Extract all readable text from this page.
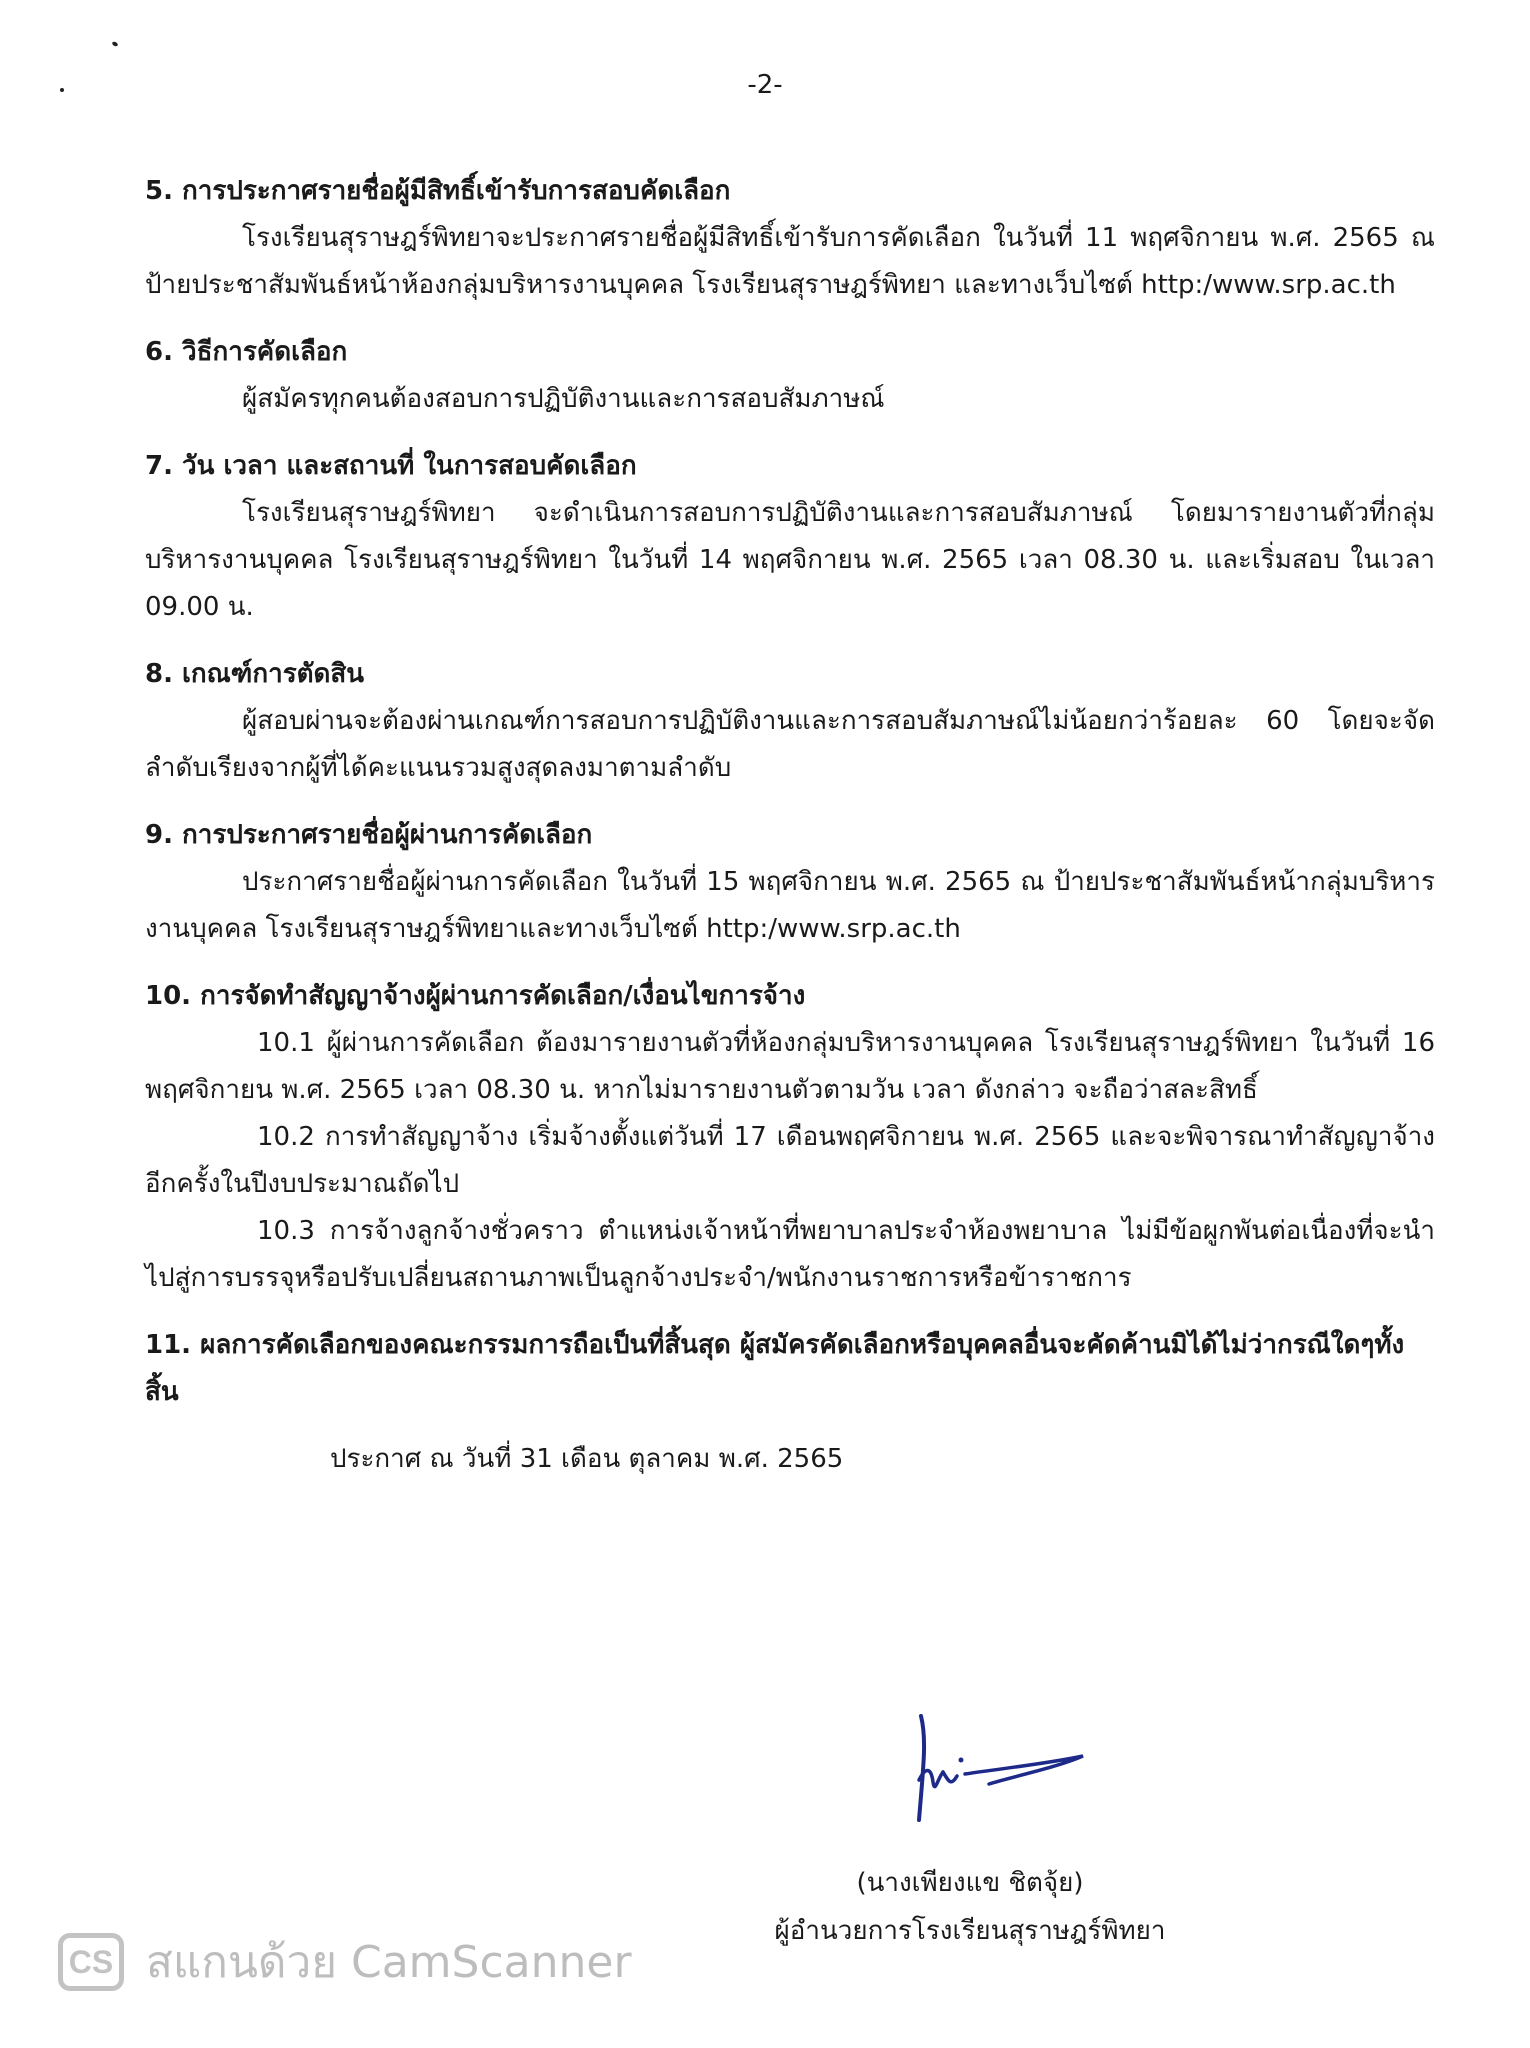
-2-
5. การประกาศรายชื่อผู้มีสิทธิ์เข้ารับการสอบคัดเลือก
โรงเรียนสุราษฎร์พิทยาจะประกาศรายชื่อผู้มีสิทธิ์เข้ารับการคัดเลือก ในวันที่ 11 พฤศจิกายน พ.ศ. 2565 ณ ป้ายประชาสัมพันธ์หน้าห้องกลุ่มบริหารงานบุคคล โรงเรียนสุราษฎร์พิทยา และทางเว็บไซต์ http:/www.srp.ac.th
6. วิธีการคัดเลือก
ผู้สมัครทุกคนต้องสอบการปฏิบัติงานและการสอบสัมภาษณ์
7. วัน เวลา และสถานที่ ในการสอบคัดเลือก
โรงเรียนสุราษฎร์พิทยา จะดำเนินการสอบการปฏิบัติงานและการสอบสัมภาษณ์ โดยมารายงานตัวที่กลุ่มบริหารงานบุคคล โรงเรียนสุราษฎร์พิทยา ในวันที่ 14 พฤศจิกายน พ.ศ. 2565 เวลา 08.30 น. และเริ่มสอบ ในเวลา 09.00 น.
8. เกณฑ์การตัดสิน
ผู้สอบผ่านจะต้องผ่านเกณฑ์การสอบการปฏิบัติงานและการสอบสัมภาษณ์ไม่น้อยกว่าร้อยละ 60 โดยจะจัดลำดับเรียงจากผู้ที่ได้คะแนนรวมสูงสุดลงมาตามลำดับ
9. การประกาศรายชื่อผู้ผ่านการคัดเลือก
ประกาศรายชื่อผู้ผ่านการคัดเลือก ในวันที่ 15 พฤศจิกายน พ.ศ. 2565 ณ ป้ายประชาสัมพันธ์หน้ากลุ่มบริหารงานบุคคล โรงเรียนสุราษฎร์พิทยาและทางเว็บไซต์ http:/www.srp.ac.th
10. การจัดทำสัญญาจ้างผู้ผ่านการคัดเลือก/เงื่อนไขการจ้าง
10.1 ผู้ผ่านการคัดเลือก ต้องมารายงานตัวที่ห้องกลุ่มบริหารงานบุคคล โรงเรียนสุราษฎร์พิทยา ในวันที่ 16 พฤศจิกายน พ.ศ. 2565 เวลา 08.30 น. หากไม่มารายงานตัวตามวัน เวลา ดังกล่าว จะถือว่าสละสิทธิ์
10.2 การทำสัญญาจ้าง เริ่มจ้างตั้งแต่วันที่ 17 เดือนพฤศจิกายน พ.ศ. 2565 และจะพิจารณาทำสัญญาจ้างอีกครั้งในปีงบประมาณถัดไป
10.3 การจ้างลูกจ้างชั่วคราว ตำแหน่งเจ้าหน้าที่พยาบาลประจำห้องพยาบาล ไม่มีข้อผูกพันต่อเนื่องที่จะนำไปสู่การบรรจุหรือปรับเปลี่ยนสถานภาพเป็นลูกจ้างประจำ/พนักงานราชการหรือข้าราชการ
11. ผลการคัดเลือกของคณะกรรมการถือเป็นที่สิ้นสุด ผู้สมัครคัดเลือกหรือบุคคลอื่นจะคัดค้านมิได้ไม่ว่ากรณีใดๆทั้งสิ้น
ประกาศ ณ วันที่ 31 เดือน ตุลาคม พ.ศ. 2565
(นางเพียงแข ชิตจุ้ย)
ผู้อำนวยการโรงเรียนสุราษฎร์พิทยา
CS สแกนด้วย CamScanner
